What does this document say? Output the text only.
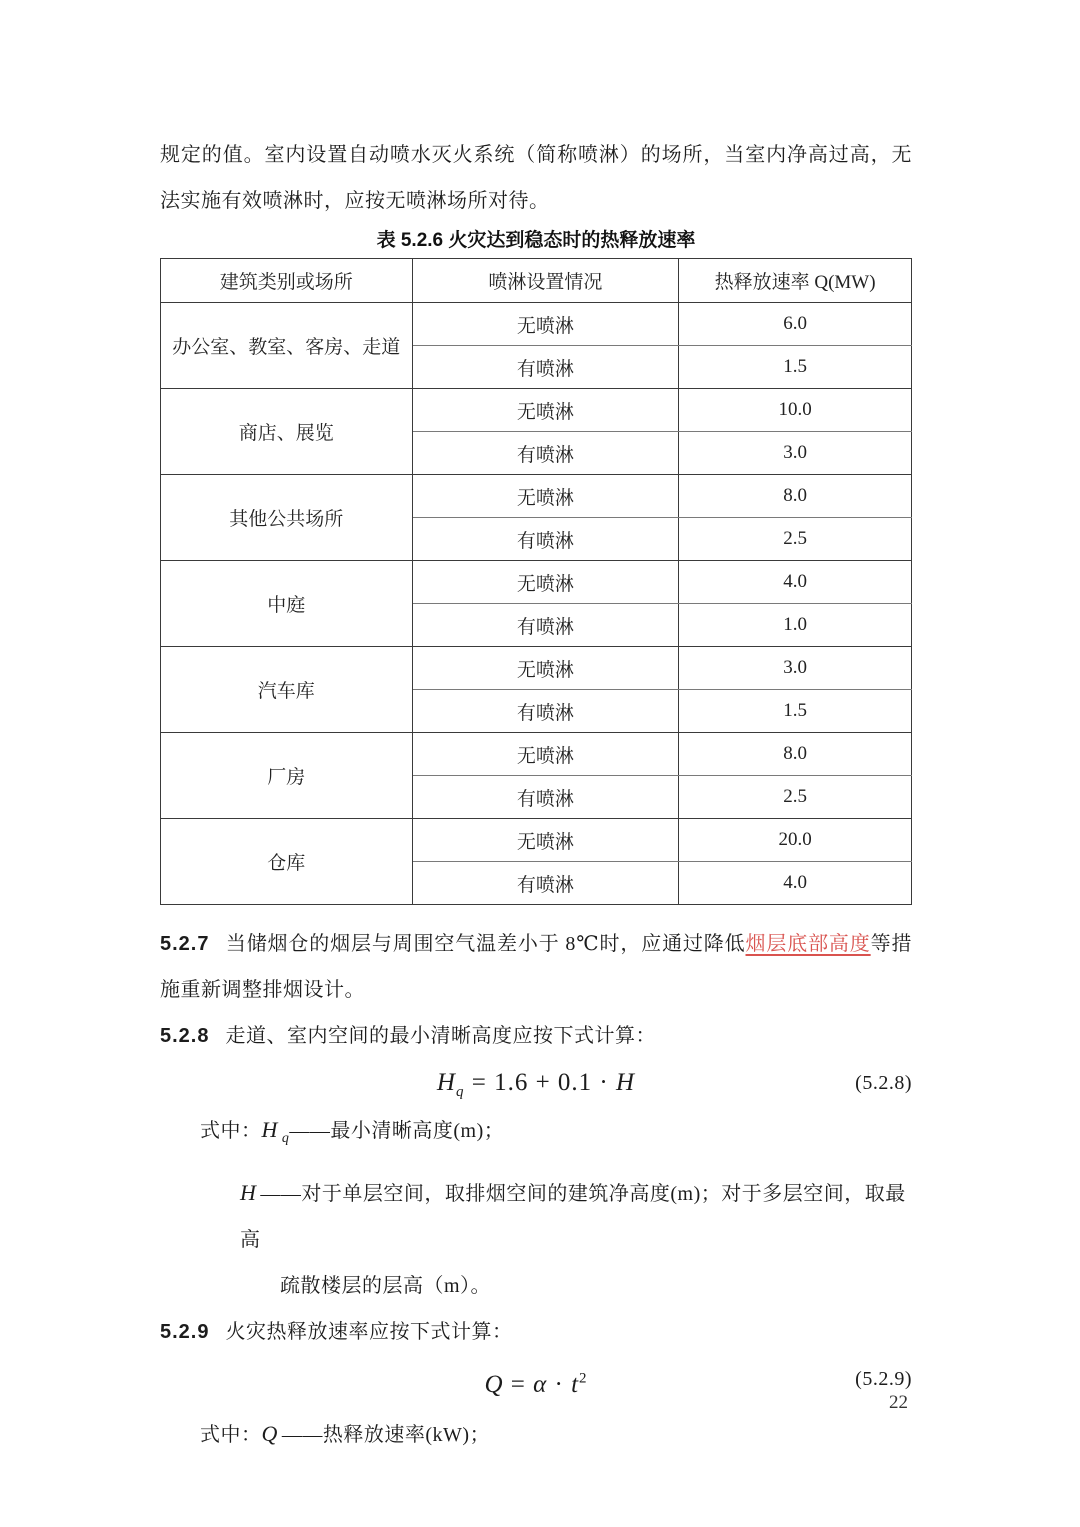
规定的值。室内设置自动喷水灭火系统（简称喷淋）的场所，当室内净高过高，无法实施有效喷淋时，应按无喷淋场所对待。

表 5.2.6 火灾达到稳态时的热释放速率
建筑类别或场所	喷淋设置情况	热释放速率 Q(MW)
办公室、教室、客房、走道	无喷淋	6.0
	有喷淋	1.5
商店、展览	无喷淋	10.0
	有喷淋	3.0
其他公共场所	无喷淋	8.0
	有喷淋	2.5
中庭	无喷淋	4.0
	有喷淋	1.0
汽车库	无喷淋	3.0
	有喷淋	1.5
厂房	无喷淋	8.0
	有喷淋	2.5
仓库	无喷淋	20.0
	有喷淋	4.0

5.2.7 当储烟仓的烟层与周围空气温差小于 8℃时，应通过降低烟层底部高度等措施重新调整排烟设计。

5.2.8 走道、室内空间的最小清晰高度应按下式计算：

$H_q = 1.6 + 0.1 \cdot H$	(5.2.8)
式中：H $_q$——最小清晰高度(m)；
H ——对于单层空间，取排烟空间的建筑净高度(m)；对于多层空间，取最高
疏散楼层的层高（m）。

5.2.9 火灾热释放速率应按下式计算：

$Q = \alpha \cdot t^2$	(5.2.9)
式中：Q ——热释放速率(kW)；
22
